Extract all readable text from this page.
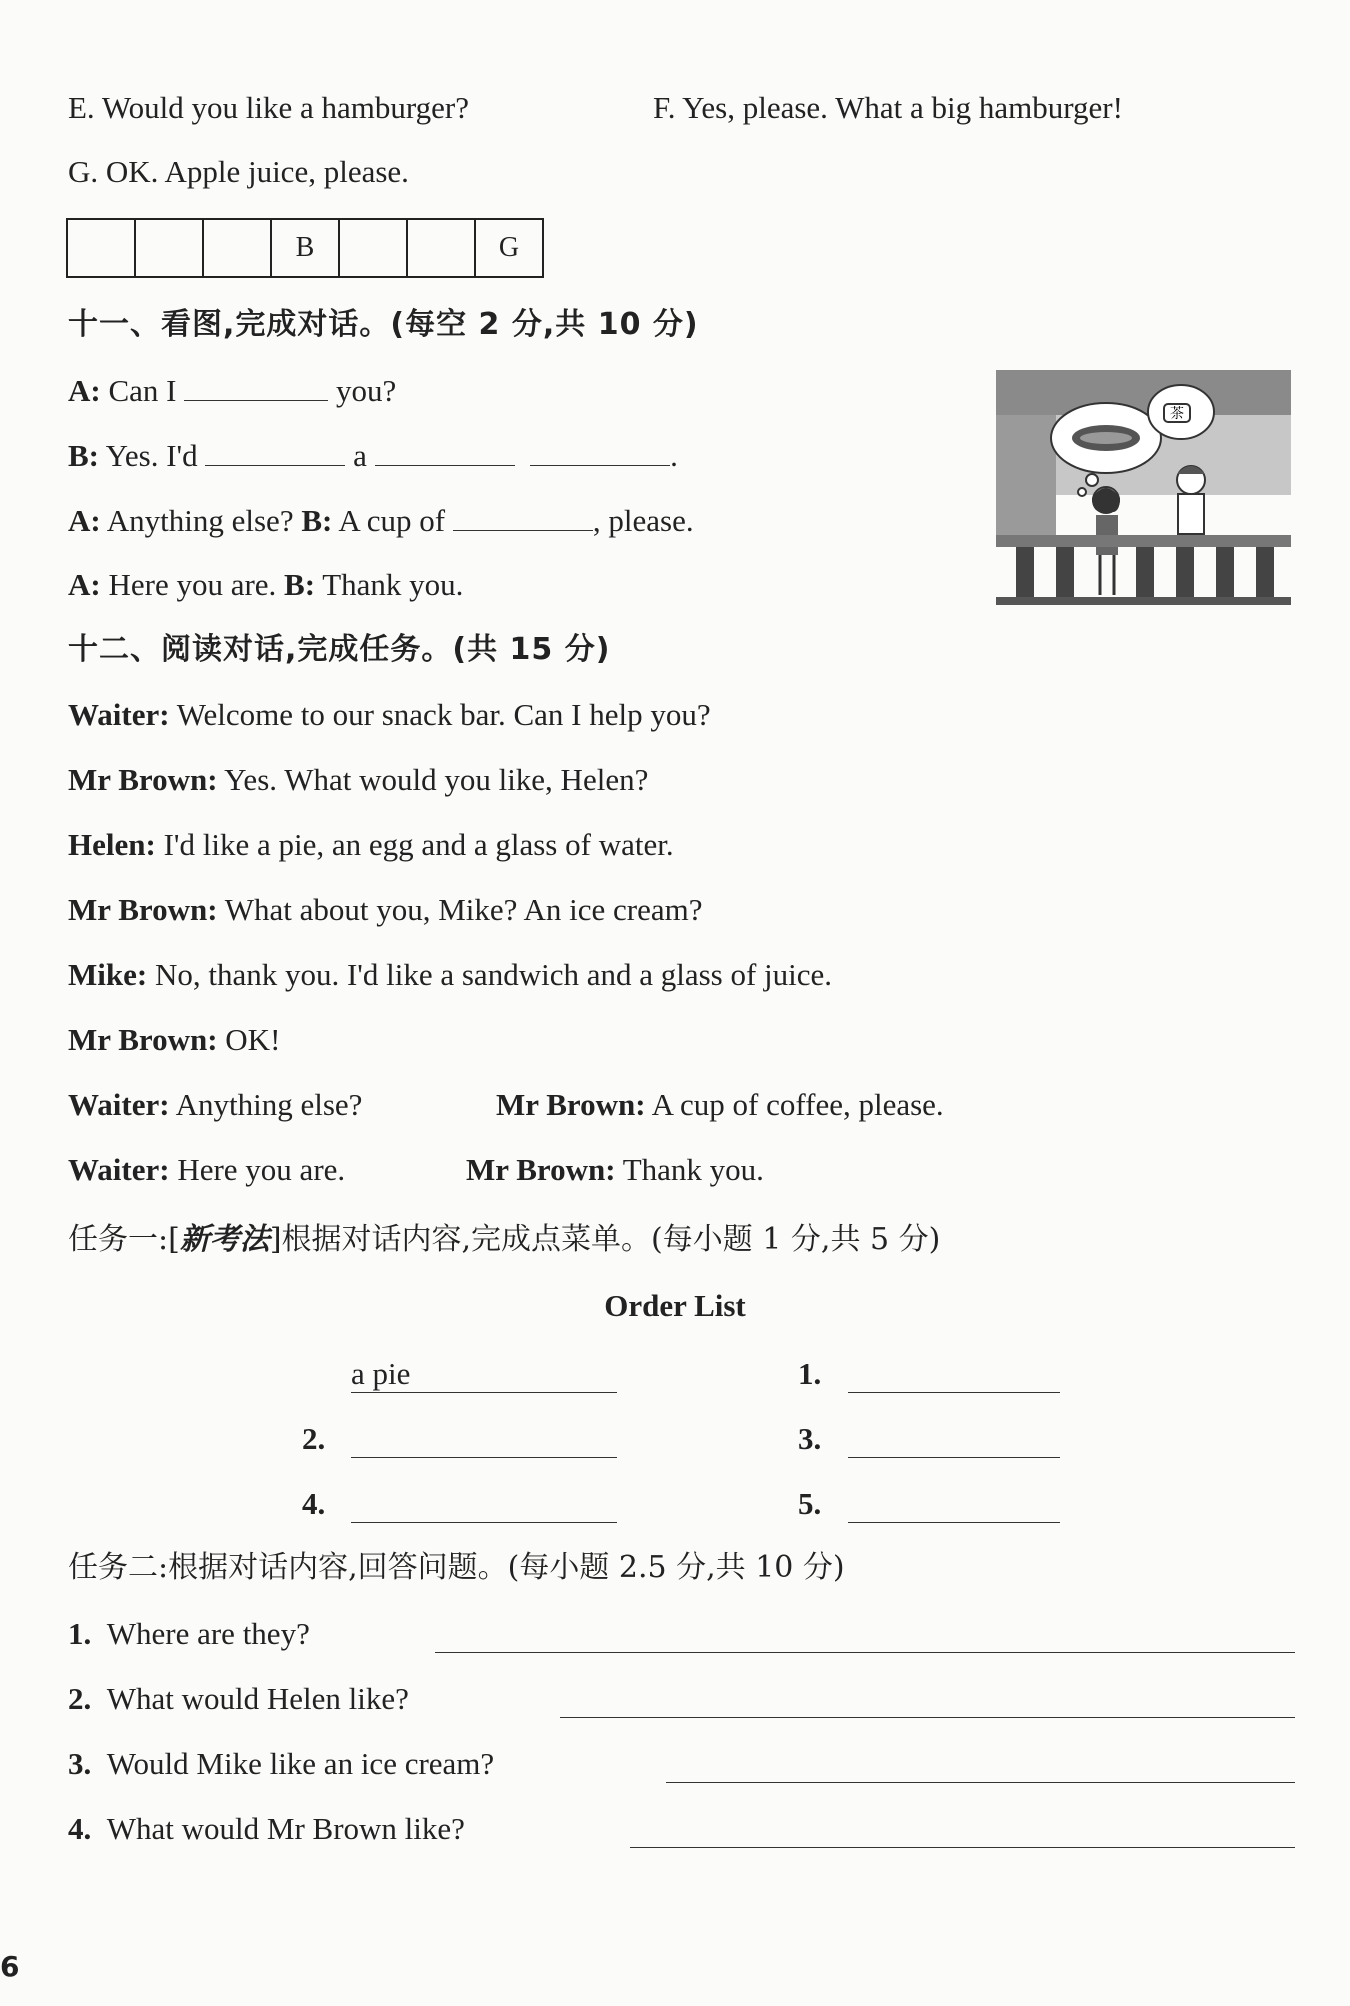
E. Would you like a hamburger?	F. Yes, please. What a big hamburger!
G. OK. Apple juice, please.
			B			G
十一、看图,完成对话。(每空 2 分,共 10 分)
A: Can I	you?
B: Yes. I'd	a	.
A: Anything else? B: A cup of	, please.
A: Here you are. B: Thank you.
茶
十二、阅读对话,完成任务。(共 15 分)
Waiter: Welcome to our snack bar. Can I help you?
Mr Brown: Yes. What would you like, Helen?
Helen: I'd like a pie, an egg and a glass of water.
Mr Brown: What about you, Mike? An ice cream?
Mike: No, thank you. I'd like a sandwich and a glass of juice.
Mr Brown: OK!
Waiter: Anything else?	Mr Brown: A cup of coffee, please.
Waiter: Here you are.	Mr Brown: Thank you.
任务一:[新考法]根据对话内容,完成点菜单。(每小题 1 分,共 5 分)
Order List
a pie	1.
2.	3.
4.	5.
任务二:根据对话内容,回答问题。(每小题 2.5 分,共 10 分)
1. Where are they?
2. What would Helen like?
3. Would Mike like an ice cream?
4. What would Mr Brown like?
6
